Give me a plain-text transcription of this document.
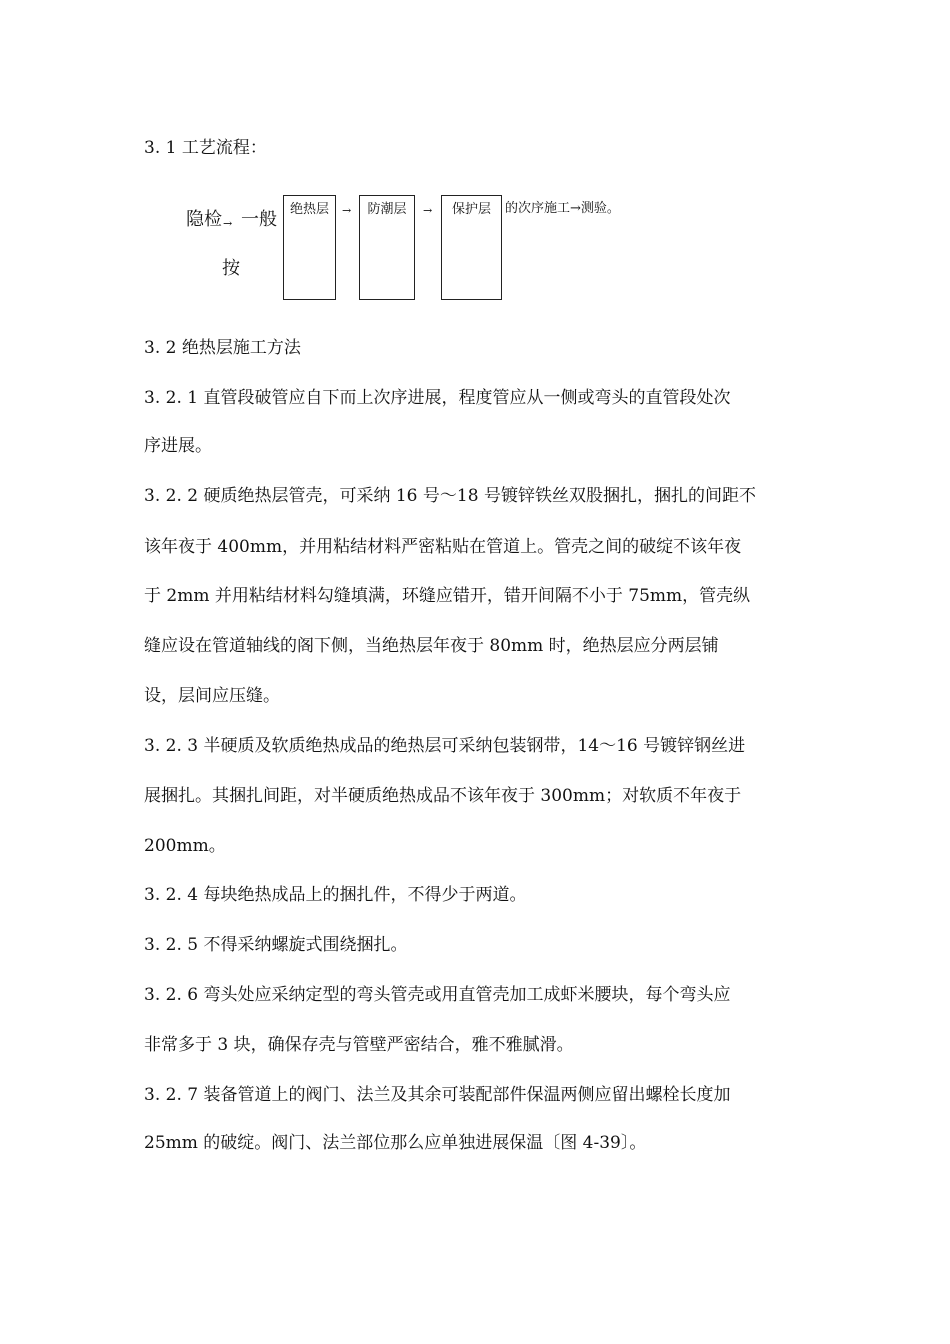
3. 1 工艺流程：
隐检 → 一般
按
绝热层	→	防潮层	→	保护层	的次序施工→测验。
3. 2 绝热层施工方法
3. 2. 1 直管段破管应自下而上次序进展，程度管应从一侧或弯头的直管段处次
序进展。
3. 2. 2 硬质绝热层管壳，可采纳 16 号～18 号镀锌铁丝双股捆扎，捆扎的间距不
该年夜于 400mm，并用粘结材料严密粘贴在管道上。管壳之间的破绽不该年夜
于 2mm 并用粘结材料勾缝填满，环缝应错开，错开间隔不小于 75mm，管壳纵
缝应设在管道轴线的阁下侧，当绝热层年夜于 80mm 时，绝热层应分两层铺
设，层间应压缝。
3. 2. 3 半硬质及软质绝热成品的绝热层可采纳包装钢带，14～16 号镀锌钢丝进
展捆扎。其捆扎间距，对半硬质绝热成品不该年夜于 300mm；对软质不年夜于
200mm。
3. 2. 4 每块绝热成品上的捆扎件，不得少于两道。
3. 2. 5 不得采纳螺旋式围绕捆扎。
3. 2. 6 弯头处应采纳定型的弯头管壳或用直管壳加工成虾米腰块，每个弯头应
非常多于 3 块，确保存壳与管壁严密结合，雅不雅腻滑。
3. 2. 7 装备管道上的阀门、法兰及其余可装配部件保温两侧应留出螺栓长度加
25mm 的破绽。阀门、法兰部位那么应单独进展保温〔图 4-39〕。
